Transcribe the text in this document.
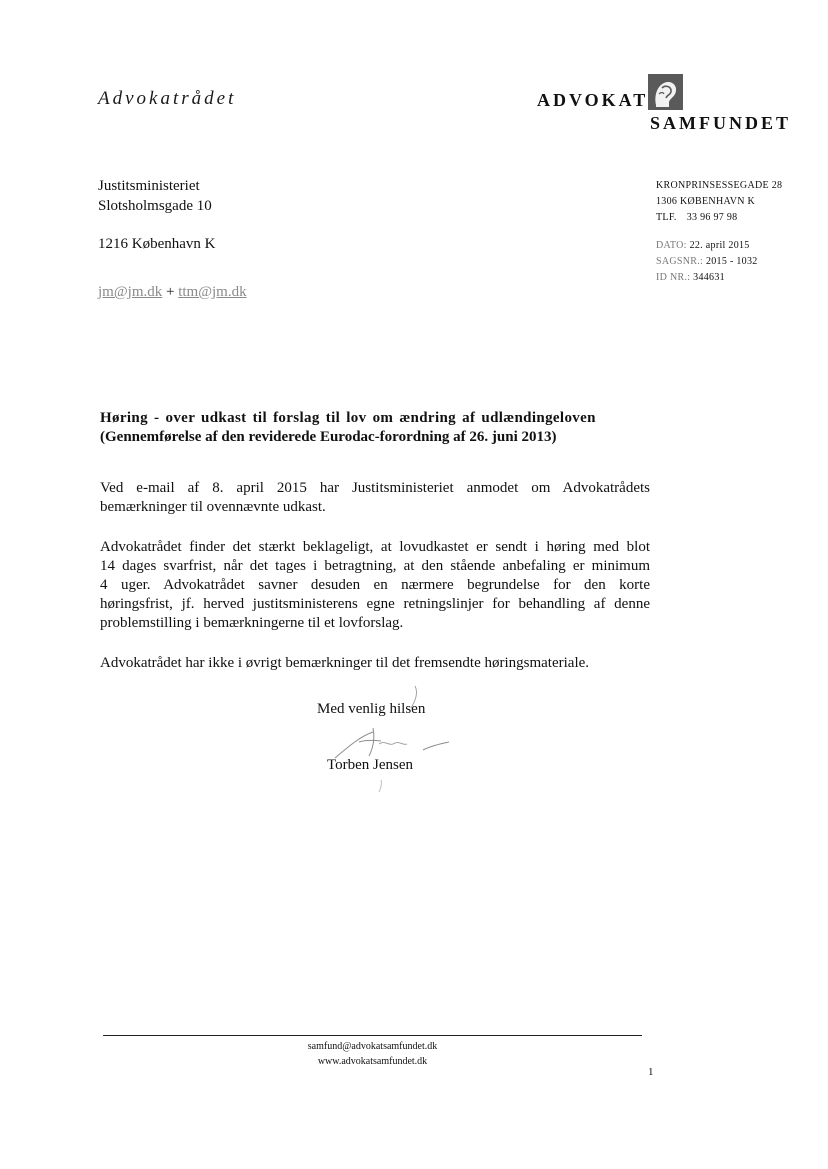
Advokatrådet	ADVOKAT
SAMFUNDET
Justitsministeriet
Slotsholmsgade 10
1216 København K
jm@jm.dk + ttm@jm.dk
KRONPRINSESSEGADE 28
1306 KØBENHAVN K
TLF. 33 96 97 98
DATO: 22. april 2015
SAGSNR.: 2015 - 1032
ID NR.: 344631
Høring - over udkast til forslag til lov om ændring af udlændingeloven
(Gennemførelse af den reviderede Eurodac-forordning af 26. juni 2013)
Ved e-mail af 8. april 2015 har Justitsministeriet anmodet om Advokatrådets
bemærkninger til ovennævnte udkast.
Advokatrådet finder det stærkt beklageligt, at lovudkastet er sendt i høring med blot
14 dages svarfrist, når det tages i betragtning, at den stående anbefaling er minimum
4 uger. Advokatrådet savner desuden en nærmere begrundelse for den korte
høringsfrist, jf. herved justitsministerens egne retningslinjer for behandling af denne
problemstilling i bemærkningerne til et lovforslag.
Advokatrådet har ikke i øvrigt bemærkninger til det fremsendte høringsmateriale.
Med venlig hilsen
Torben Jensen
samfund@advokatsamfundet.dk
www.advokatsamfundet.dk
1
